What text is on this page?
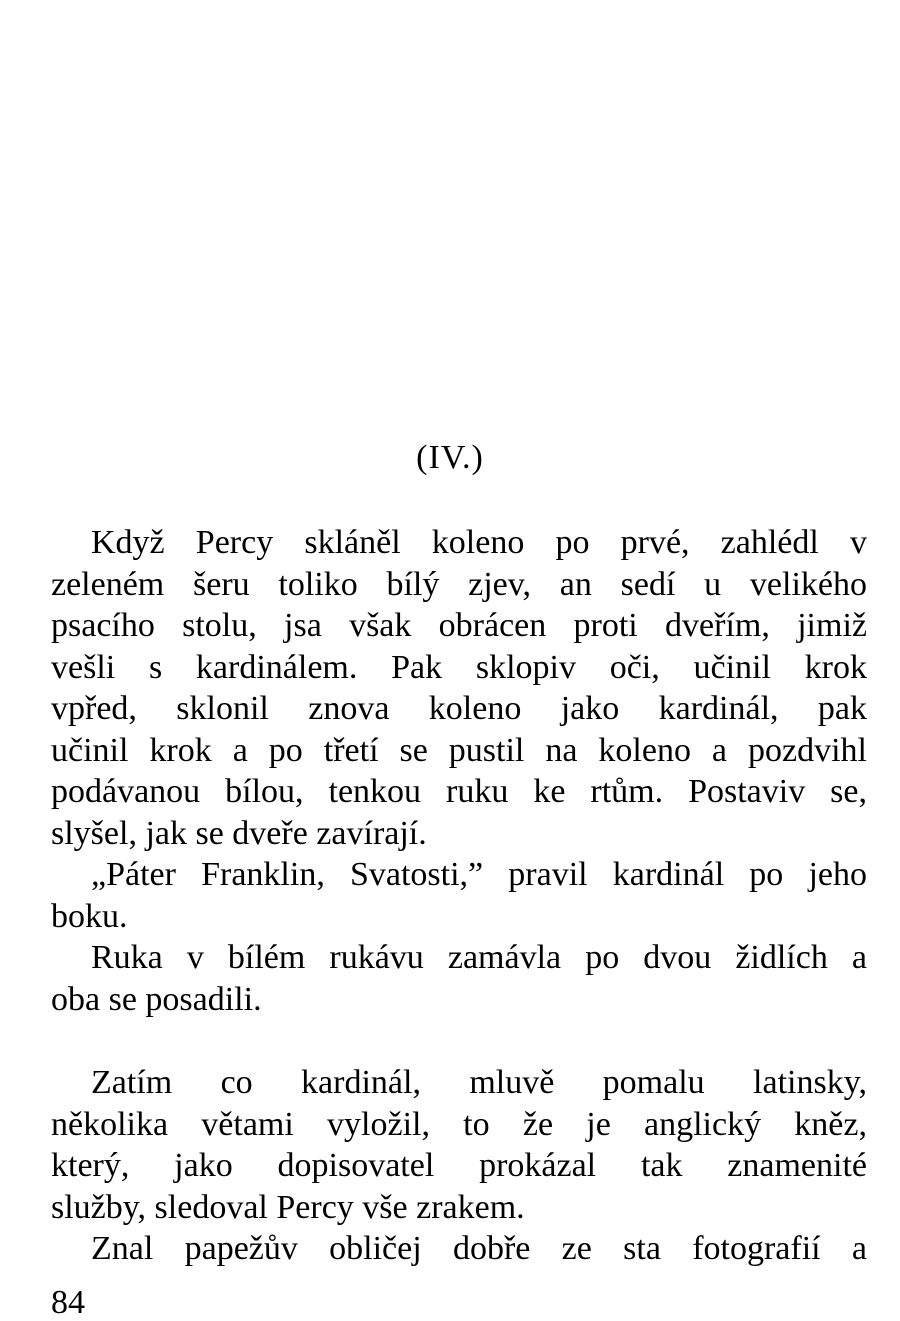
(IV.)
Když Percy skláněl koleno po prvé, zahlédl v
zeleném šeru toliko bílý zjev, an sedí u velikého
psacího stolu, jsa však obrácen proti dveřím, jimiž
vešli s kardinálem. Pak sklopiv oči, učinil krok
vpřed, sklonil znova koleno jako kardinál, pak
učinil krok a po třetí se pustil na koleno a pozdvihl
podávanou bílou, tenkou ruku ke rtům. Postaviv se,
slyšel, jak se dveře zavírají.
„Páter Franklin, Svatosti,” pravil kardinál po jeho
boku.
Ruka v bílém rukávu zamávla po dvou židlích a
oba se posadili.
Zatím co kardinál, mluvě pomalu latinsky,
několika větami vyložil, to že je anglický kněz,
který, jako dopisovatel prokázal tak znamenité
služby, sledoval Percy vše zrakem.
Znal papežův obličej dobře ze sta fotografií a
84
